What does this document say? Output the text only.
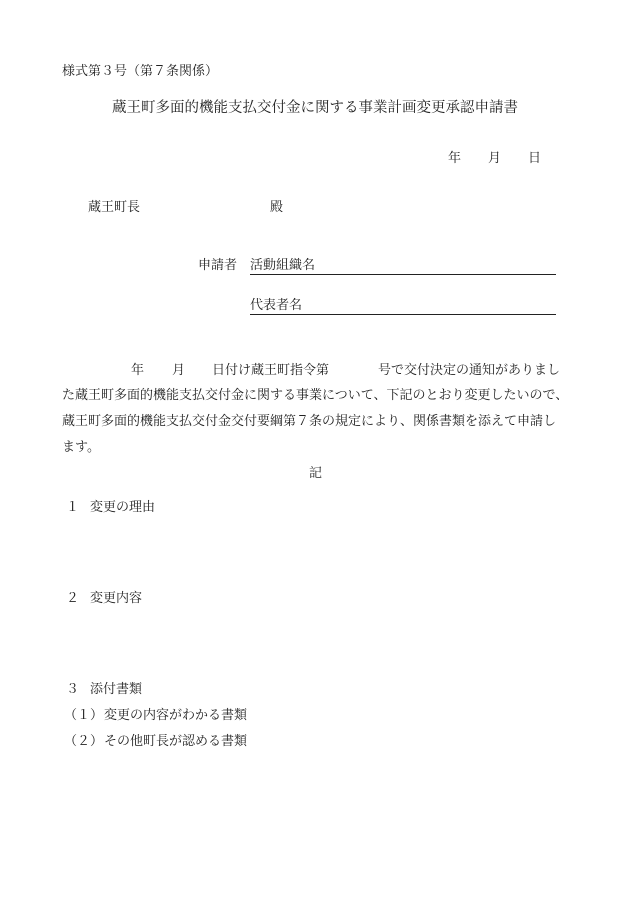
様式第３号（第７条関係）
蔵王町多面的機能支払交付金に関する事業計画変更承認申請書
年 月 日
蔵王町長	殿
申請者 活動組織名
代表者名
年 月 日付け蔵王町指令第	号で交付決定の通知がありまし
た蔵王町多面的機能支払交付金に関する事業について、下記のとおり変更したいので、
蔵王町多面的機能支払交付金交付要綱第７条の規定により、関係書類を添えて申請し
ます。
記
１ 変更の理由
２ 変更内容
３ 添付書類
（１） 変更の内容がわかる書類
（２） その他町長が認める書類
